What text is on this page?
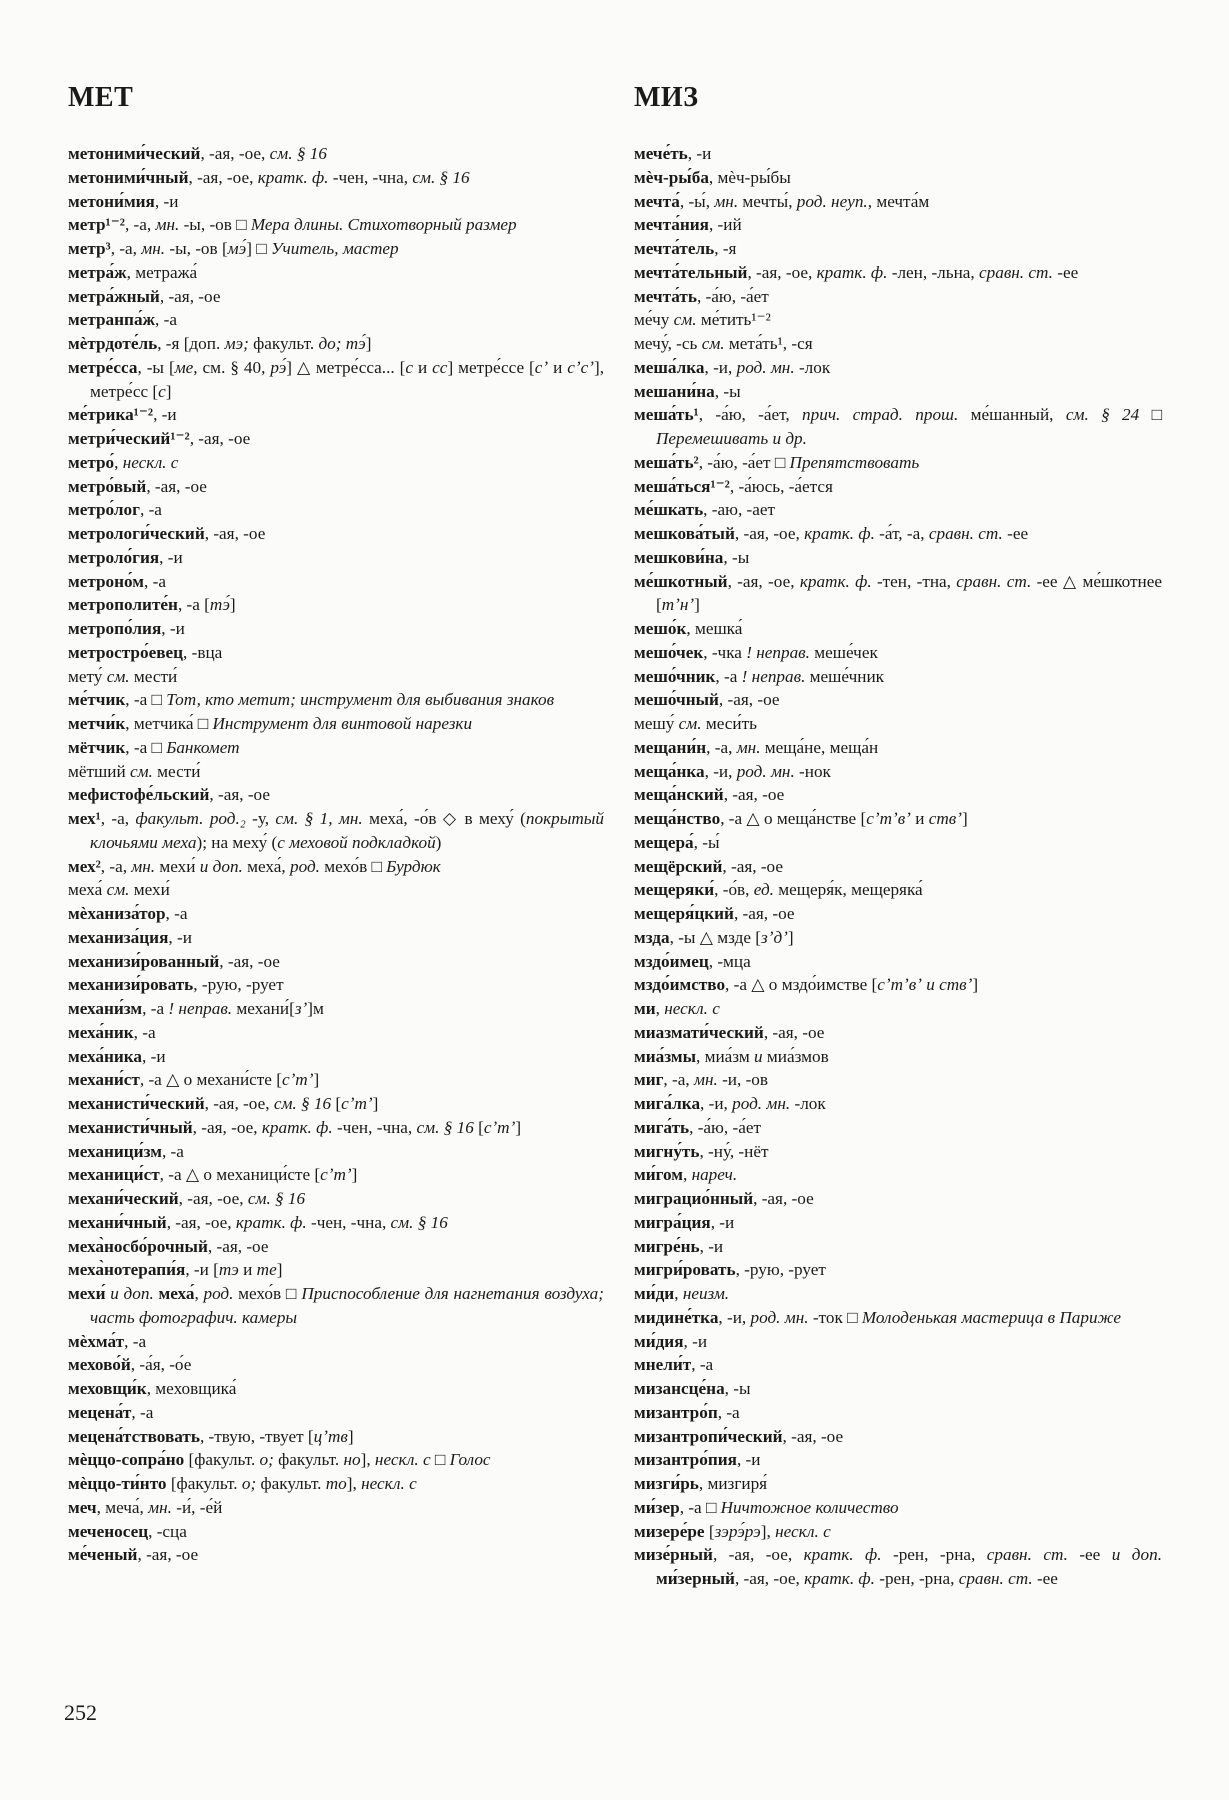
МЕТ	МИЗ

метоними́ческий, -ая, -ое, см. § 16

метоними́чный, -ая, -ое, кратк. ф. -чен, -чна, см. § 16

метони́мия, -и

метр¹⁻², -а, мн. -ы, -ов □ Мера длины. Стихотворный размер

метр³, -а, мн. -ы, -ов [мэ́] □ Учитель, мастер

метра́ж, метража́

метра́жный, -ая, -ое

метранпа́ж, -а

мѐтрдоте́ль, -я [доп. мэ; факульт. до; тэ́]

метре́сса, -ы [ме, см. § 40, рэ́] △ метре́сса... [с и сс] метре́ссе [сʼ и сʼсʼ], метре́сс [с]

ме́трика¹⁻², -и

метри́ческий¹⁻², -ая, -ое

метро́, нескл. с

метро́вый, -ая, -ое

метро́лог, -а

метрологи́ческий, -ая, -ое

метроло́гия, -и

метроно́м, -а

метрополите́н, -а [тэ́]

метропо́лия, -и

метростро́евец, -вца

мету́ см. мести́

ме́тчик, -а □ Тот, кто метит; инструмент для выбивания знаков

метчи́к, метчика́ □ Инструмент для винтовой нарезки

мётчик, -а □ Банкомет

мётший см. мести́

мефистофе́льский, -ая, -ое

мех¹, -а, факульт. род.₂ -у, см. § 1, мн. меха́, -о́в ◇ в меху́ (покрытый клочьями меха); на меху́ (с меховой подкладкой)

мех², -а, мн. мехи́ и доп. меха́, род. мехо́в □ Бурдюк

меха́ см. мехи́

мѐханиза́тор, -а

механиза́ция, -и

механизи́рованный, -ая, -ое

механизи́ровать, -рую, -рует

механи́зм, -а ! неправ. механи́[зʼ]м

меха́ник, -а

меха́ника, -и

механи́ст, -а △ о механи́сте [сʼтʼ]

механисти́ческий, -ая, -ое, см. § 16 [сʼтʼ]

механисти́чный, -ая, -ое, кратк. ф. -чен, -чна, см. § 16 [сʼтʼ]

механици́зм, -а

механици́ст, -а △ о механици́сте [сʼтʼ]

механи́ческий, -ая, -ое, см. § 16

механи́чный, -ая, -ое, кратк. ф. -чен, -чна, см. § 16

меха̀носбо́рочный, -ая, -ое

меха̀нотерапи́я, -и [тэ и те]

мехи́ и доп. меха́, род. мехо́в □ Приспособление для нагнетания воздуха; часть фотографич. камеры

мѐхма́т, -а

мехово́й, -а́я, -о́е

меховщи́к, меховщика́

мецена́т, -а

мецена́тствовать, -твую, -твует [цʼтв]

мѐццо-сопра́но [факульт. о; факульт. но], нескл. с □ Голос

мѐццо-ти́нто [факульт. о; факульт. то], нескл. с

меч, меча́, мн. -и́, -е́й

меченосец, -сца

ме́ченый, -ая, -ое

мече́ть, -и

мѐч-ры́ба, мѐч-ры́бы

мечта́, -ы́, мн. мечты́, род. неуп., мечта́м

мечта́ния, -ий

мечта́тель, -я

мечта́тельный, -ая, -ое, кратк. ф. -лен, -льна, сравн. ст. -ее

мечта́ть, -а́ю, -а́ет

ме́чу см. ме́тить¹⁻²

мечу́, -сь см. мета́ть¹, -ся

меша́лка, -и, род. мн. -лок

мешани́на, -ы

меша́ть¹, -а́ю, -а́ет, прич. страд. прош. ме́шанный, см. § 24 □ Перемешивать и др.

меша́ть², -а́ю, -а́ет □ Препятствовать

меша́ться¹⁻², -а́юсь, -а́ется

ме́шкать, -аю, -ает

мешкова́тый, -ая, -ое, кратк. ф. -а́т, -а, сравн. ст. -ее

мешкови́на, -ы

ме́шкотный, -ая, -ое, кратк. ф. -тен, -тна, сравн. ст. -ее △ ме́шкотнее [тʼнʼ]

мешо́к, мешка́

мешо́чек, -чка ! неправ. меше́чек

мешо́чник, -а ! неправ. меше́чник

мешо́чный, -ая, -ое

мешу́ см. меси́ть

мещани́н, -а, мн. меща́не, меща́н

меща́нка, -и, род. мн. -нок

меща́нский, -ая, -ое

меща́нство, -а △ о меща́нстве [сʼтʼвʼ и ствʼ]

мещера́, -ы́

мещёрский, -ая, -ое

мещеряки́, -о́в, ед. мещеря́к, мещеряка́

мещеря́цкий, -ая, -ое

мзда, -ы △ мзде [зʼдʼ]

мздо́имец, -мца

мздо́имство, -а △ о мздо́имстве [сʼтʼвʼ и ствʼ]

ми, нескл. с

миазмати́ческий, -ая, -ое

миа́змы, миа́зм и миа́змов

миг, -а, мн. -и, -ов

мига́лка, -и, род. мн. -лок

мига́ть, -а́ю, -а́ет

мигну́ть, -ну́, -нёт

ми́гом, нареч.

миграцио́нный, -ая, -ое

мигра́ция, -и

мигре́нь, -и

мигри́ровать, -рую, -рует

ми́ди, неизм.

мидине́тка, -и, род. мн. -ток □ Молоденькая мастерица в Париже

ми́дия, -и

мнели́т, -а

мизансце́на, -ы

мизантро́п, -а

мизантропи́ческий, -ая, -ое

мизантро́пия, -и

мизги́рь, мизгиря́

ми́зер, -а □ Ничтожное количество

мизере́ре [зэрэ́рэ], нескл. с

мизе́рный, -ая, -ое, кратк. ф. -рен, -рна, сравн. ст. -ее и доп. ми́зерный, -ая, -ое, кратк. ф. -рен, -рна, сравн. ст. -ее

252
